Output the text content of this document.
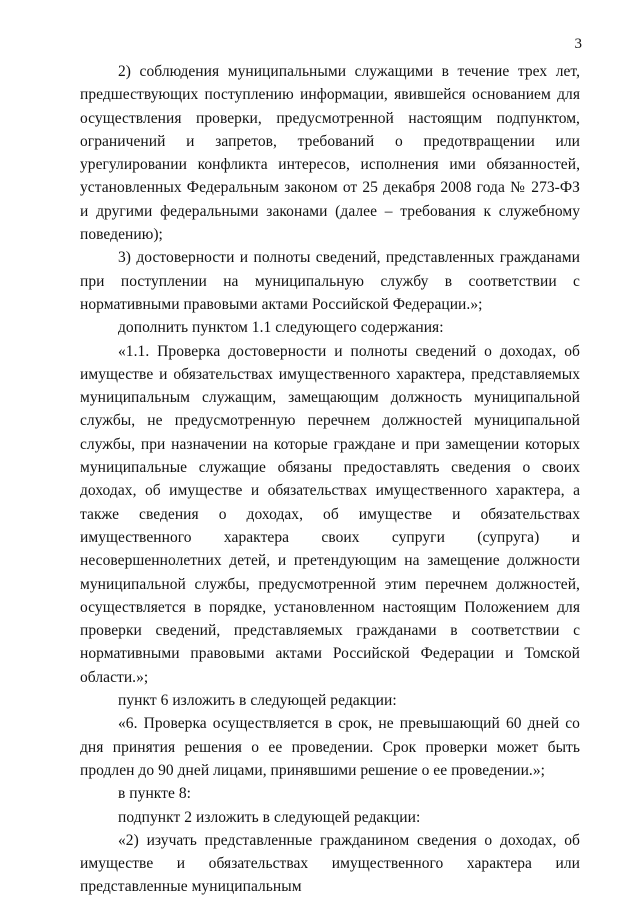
3

2) соблюдения муниципальными служащими в течение трех лет, предшествующих поступлению информации, явившейся основанием для осуществления проверки, предусмотренной настоящим подпунктом, ограничений и запретов, требований о предотвращении или урегулировании конфликта интересов, исполнения ими обязанностей, установленных Федеральным законом от 25 декабря 2008 года № 273-ФЗ и другими федеральными законами (далее – требования к служебному поведению);

3) достоверности и полноты сведений, представленных гражданами при поступлении на муниципальную службу в соответствии с нормативными правовыми актами Российской Федерации.»;

дополнить пунктом 1.1 следующего содержания:

«1.1. Проверка достоверности и полноты сведений о доходах, об имуществе и обязательствах имущественного характера, представляемых муниципальным служащим, замещающим должность муниципальной службы, не предусмотренную перечнем должностей муниципальной службы, при назначении на которые граждане и при замещении которых муниципальные служащие обязаны предоставлять сведения о своих доходах, об имуществе и обязательствах имущественного характера, а также сведения о доходах, об имуществе и обязательствах имущественного характера своих супруги (супруга) и несовершеннолетних детей, и претендующим на замещение должности муниципальной службы, предусмотренной этим перечнем должностей, осуществляется в порядке, установленном настоящим Положением для проверки сведений, представляемых гражданами в соответствии с нормативными правовыми актами Российской Федерации и Томской области.»;

пункт 6 изложить в следующей редакции:

«6. Проверка осуществляется в срок, не превышающий 60 дней со дня принятия решения о ее проведении. Срок проверки может быть продлен до 90 дней лицами, принявшими решение о ее проведении.»;

в пункте 8:

подпункт 2 изложить в следующей редакции:

«2) изучать представленные гражданином сведения о доходах, об имуществе и обязательствах имущественного характера или представленные муниципальным
